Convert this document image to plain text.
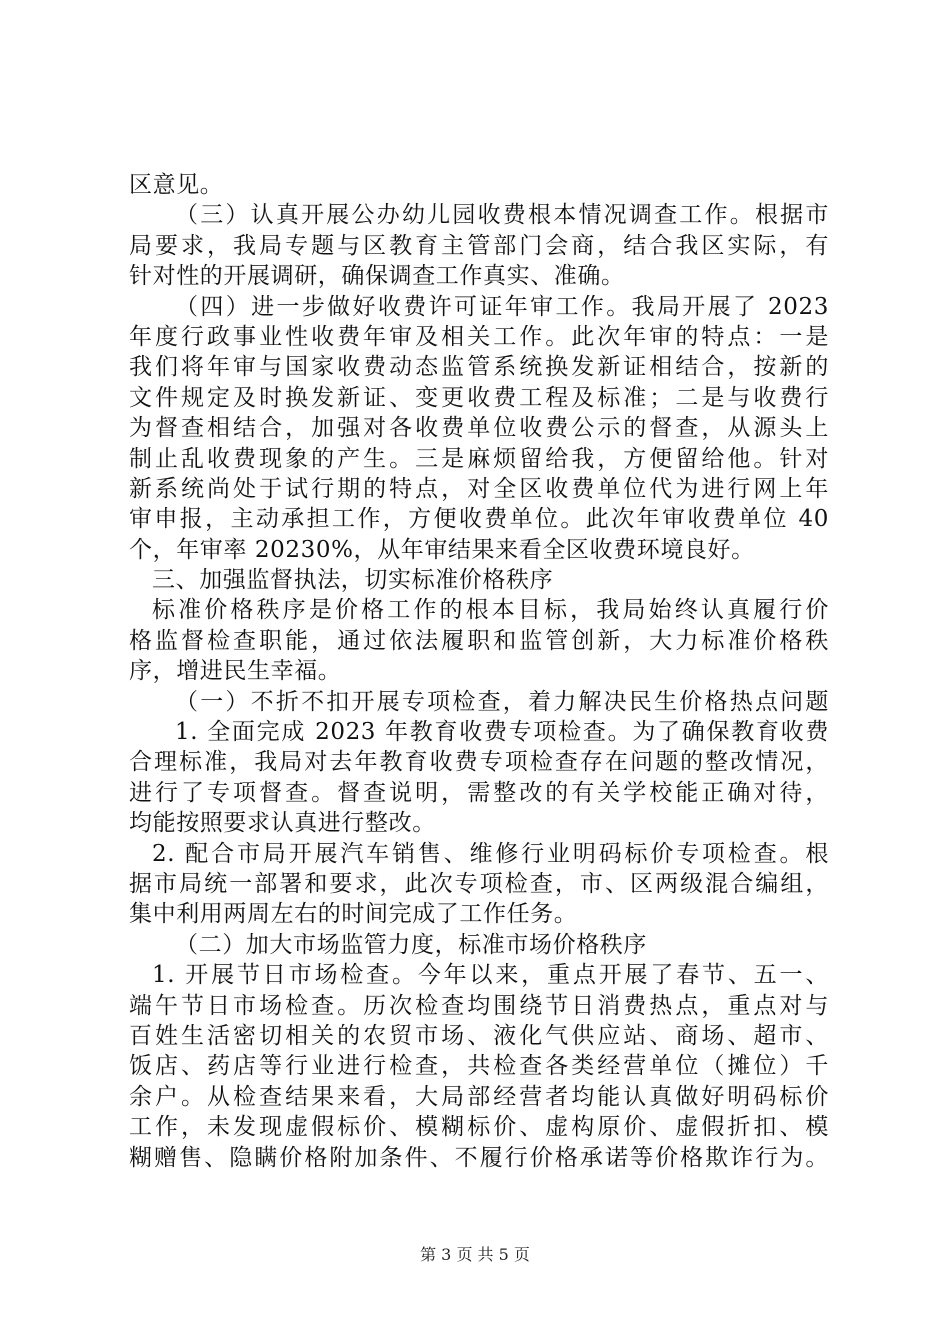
区意见。
（三）认真开展公办幼儿园收费根本情况调查工作。根据市
局要求，我局专题与区教育主管部门会商，结合我区实际，有
针对性的开展调研，确保调查工作真实、准确。
（四）进一步做好收费许可证年审工作。我局开展了 2023
年度行政事业性收费年审及相关工作。此次年审的特点：一是
我们将年审与国家收费动态监管系统换发新证相结合，按新的
文件规定及时换发新证、变更收费工程及标准；二是与收费行
为督查相结合，加强对各收费单位收费公示的督查，从源头上
制止乱收费现象的产生。三是麻烦留给我，方便留给他。针对
新系统尚处于试行期的特点，对全区收费单位代为进行网上年
审申报，主动承担工作，方便收费单位。此次年审收费单位 40
个，年审率 20230%，从年审结果来看全区收费环境良好。
三、加强监督执法，切实标准价格秩序
标准价格秩序是价格工作的根本目标，我局始终认真履行价
格监督检查职能，通过依法履职和监管创新，大力标准价格秩
序，增进民生幸福。
（一）不折不扣开展专项检查，着力解决民生价格热点问题
1. 全面完成 2023 年教育收费专项检查。为了确保教育收费
合理标准，我局对去年教育收费专项检查存在问题的整改情况，
进行了专项督查。督查说明，需整改的有关学校能正确对待，
均能按照要求认真进行整改。
2. 配合市局开展汽车销售、维修行业明码标价专项检查。根
据市局统一部署和要求，此次专项检查，市、区两级混合编组，
集中利用两周左右的时间完成了工作任务。
（二）加大市场监管力度，标准市场价格秩序
1. 开展节日市场检查。今年以来，重点开展了春节、五一、
端午节日市场检查。历次检查均围绕节日消费热点，重点对与
百姓生活密切相关的农贸市场、液化气供应站、商场、超市、
饭店、药店等行业进行检查，共检查各类经营单位（摊位）千
余户。从检查结果来看，大局部经营者均能认真做好明码标价
工作，未发现虚假标价、模糊标价、虚构原价、虚假折扣、模
糊赠售、隐瞒价格附加条件、不履行价格承诺等价格欺诈行为。
第 3 页 共 5 页
